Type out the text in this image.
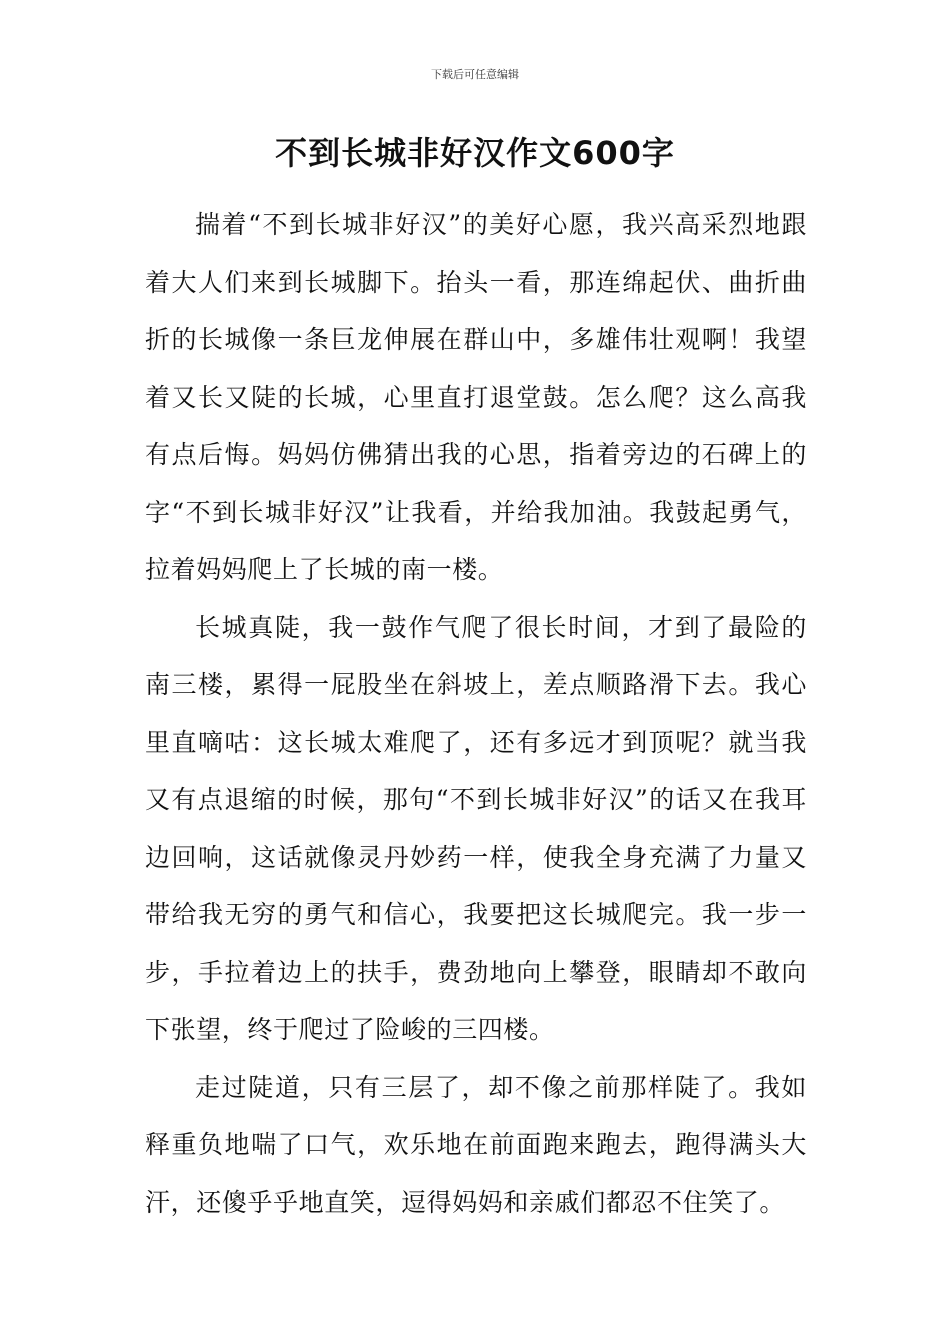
下载后可任意编辑
不到长城非好汉作文600字

揣着“不到长城非好汉”的美好心愿，我兴高采烈地跟着大人们来到长城脚下。抬头一看，那连绵起伏、曲折曲折的长城像一条巨龙伸展在群山中，多雄伟壮观啊！我望着又长又陡的长城，心里直打退堂鼓。怎么爬？这么高我有点后悔。妈妈仿佛猜出我的心思，指着旁边的石碑上的字“不到长城非好汉”让我看，并给我加油。我鼓起勇气，拉着妈妈爬上了长城的南一楼。

长城真陡，我一鼓作气爬了很长时间，才到了最险的南三楼，累得一屁股坐在斜坡上，差点顺路滑下去。我心里直嘀咕：这长城太难爬了，还有多远才到顶呢？就当我又有点退缩的时候，那句“不到长城非好汉”的话又在我耳边回响，这话就像灵丹妙药一样，使我全身充满了力量又带给我无穷的勇气和信心，我要把这长城爬完。我一步一步，手拉着边上的扶手，费劲地向上攀登，眼睛却不敢向下张望，终于爬过了险峻的三四楼。

走过陡道，只有三层了，却不像之前那样陡了。我如释重负地喘了口气，欢乐地在前面跑来跑去，跑得满头大汗，还傻乎乎地直笑，逗得妈妈和亲戚们都忍不住笑了。
